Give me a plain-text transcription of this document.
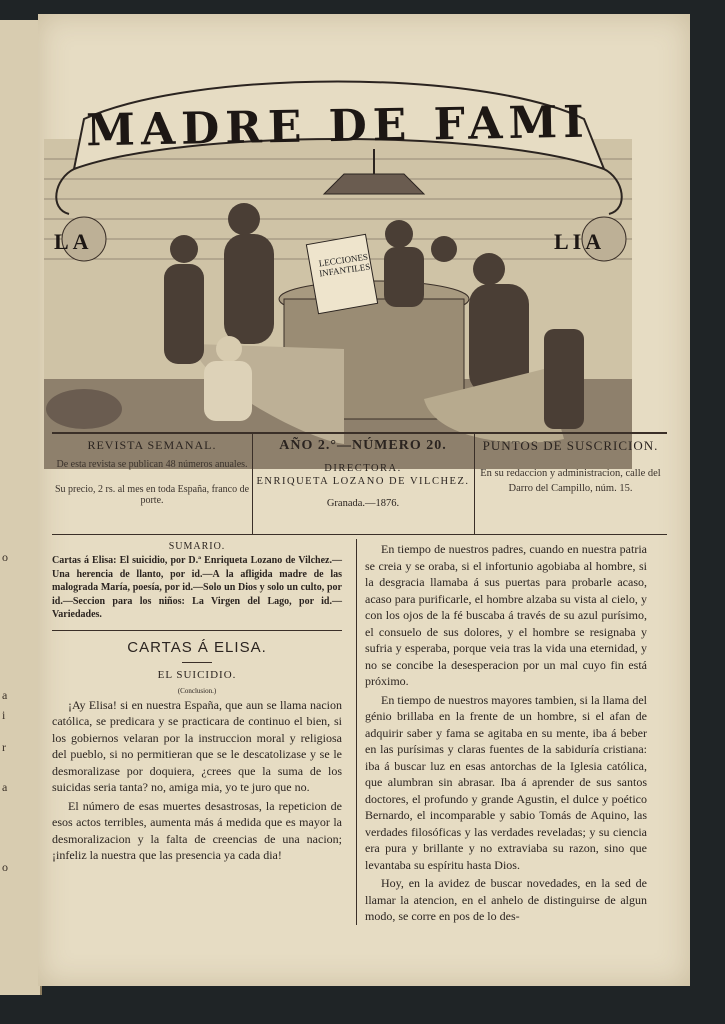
o
a
i
r
a
o
LECCIONES INFANTILES
MADRE DE FAMI
LA	LIA
REVISTA SEMANAL.
De esta revista se publican 48 números anuales.
Su precio, 2 rs. al mes en toda España, franco de porte.
AÑO 2.°—NÚMERO 20.
DIRECTORA.
ENRIQUETA LOZANO DE VILCHEZ.
Granada.—1876.
PUNTOS DE SUSCRICION.
En su redaccion y administracion, calle del Darro del Campillo, núm. 15.
SUMARIO.
Cartas á Elisa: El suicidio, por D.ª Enriqueta Lozano de Vilchez.—Una herencia de llanto, por id.—A la afligida madre de las malograda María, poesía, por id.—Solo un Dios y solo un culto, por id.—Seccion para los niños: La Virgen del Lago, por id.—Variedades.
CARTAS Á ELISA.
EL SUICIDIO.
(Conclusion.)

¡Ay Elisa! si en nuestra España, que aun se llama nacion católica, se predicara y se practicara de continuo el bien, si los gobiernos velaran por la instruccion moral y religiosa del pueblo, si no permitieran que se le descatolizase y se le desmoralizase por doquiera, ¿crees que la suma de los suicidas seria tanta? no, amiga mia, yo te juro que no.

El número de esas muertes desastrosas, la repeticion de esos actos terribles, aumenta más á medida que es mayor la desmoralizacion y la falta de creencias de una nacion; ¡infeliz la nuestra que las presencia ya cada dia!

En tiempo de nuestros padres, cuando en nuestra patria se creia y se oraba, si el infortunio agobiaba al hombre, si la desgracia llamaba á sus puertas para probarle acaso, acaso para purificarle, el hombre alzaba su vista al cielo, y con los ojos de la fé buscaba á través de su azul purísimo, el consuelo de sus dolores, y el hombre se resignaba y sufria y esperaba, porque veia tras la vida una eternidad, y no se concibe la desesperacion por un mal cuyo fin está próximo.

En tiempo de nuestros mayores tambien, si la llama del génio brillaba en la frente de un hombre, si el afan de adquirir saber y fama se agitaba en su mente, iba á beber en las purísimas y claras fuentes de la sabiduría cristiana: iba á buscar luz en esas antorchas de la Iglesia católica, que alumbran sin abrasar. Iba á aprender de sus santos doctores, el profundo y grande Agustin, el dulce y poético Bernardo, el incomparable y sabio Tomás de Aquino, las verdades filosóficas y las verdades reveladas; y su ciencia era pura y brillante y no extraviaba su razon, sino que levantaba su espíritu hasta Dios.

Hoy, en la avidez de buscar novedades, en la sed de llamar la atencion, en el anhelo de distinguirse de algun modo, se corre en pos de lo des-
